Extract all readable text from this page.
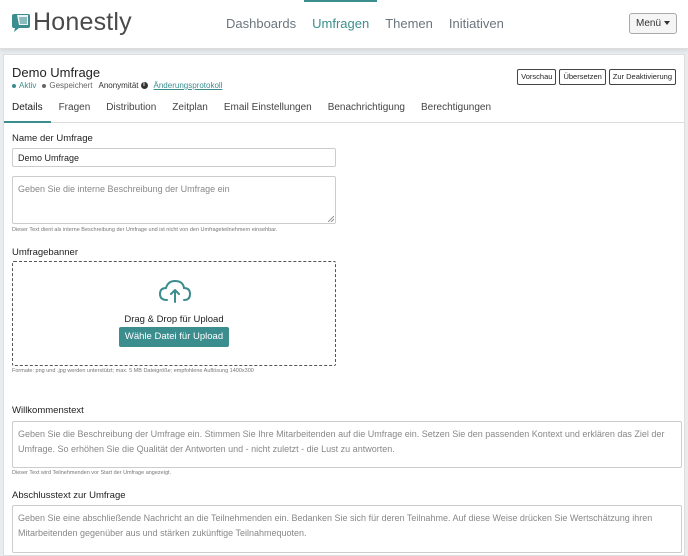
Honestly	Dashboards	Umfragen	Themen	Initiativen	Menü
Demo Umfrage
Aktiv Gespeichert Anonymität i	Änderungsprotokoll
Vorschau	Übersetzen	Zur Deaktivierung
Details	Fragen	Distribution	Zeitplan	Email Einstellungen	Benachrichtigung	Berechtigungen
Name der Umfrage
Demo Umfrage
Geben Sie die interne Beschreibung der Umfrage ein
Dieser Text dient als interne Beschreibung der Umfrage und ist nicht von den Umfrageteilnehmern einsehbar.
Umfragebanner
Drag & Drop für Upload
Wähle Datei für Upload
Formate: png und .jpg werden unterstützt; max. 5 MB Dateigröße; empfohlene Auflösung 1400x300
Willkommenstext
Geben Sie die Beschreibung der Umfrage ein. Stimmen Sie Ihre Mitarbeitenden auf die Umfrage ein. Setzen Sie den passenden Kontext und erklären das Ziel der Umfrage. So erhöhen Sie die Qualität der Antworten und - nicht zuletzt - die Lust zu antworten.
Dieser Text wird Teilnehmenden vor Start der Umfrage angezeigt.
Abschlusstext zur Umfrage
Geben Sie eine abschließende Nachricht an die Teilnehmenden ein. Bedanken Sie sich für deren Teilnahme. Auf diese Weise drücken Sie Wertschätzung ihren Mitarbeitenden gegenüber aus und stärken zukünftige Teilnahmequoten.
